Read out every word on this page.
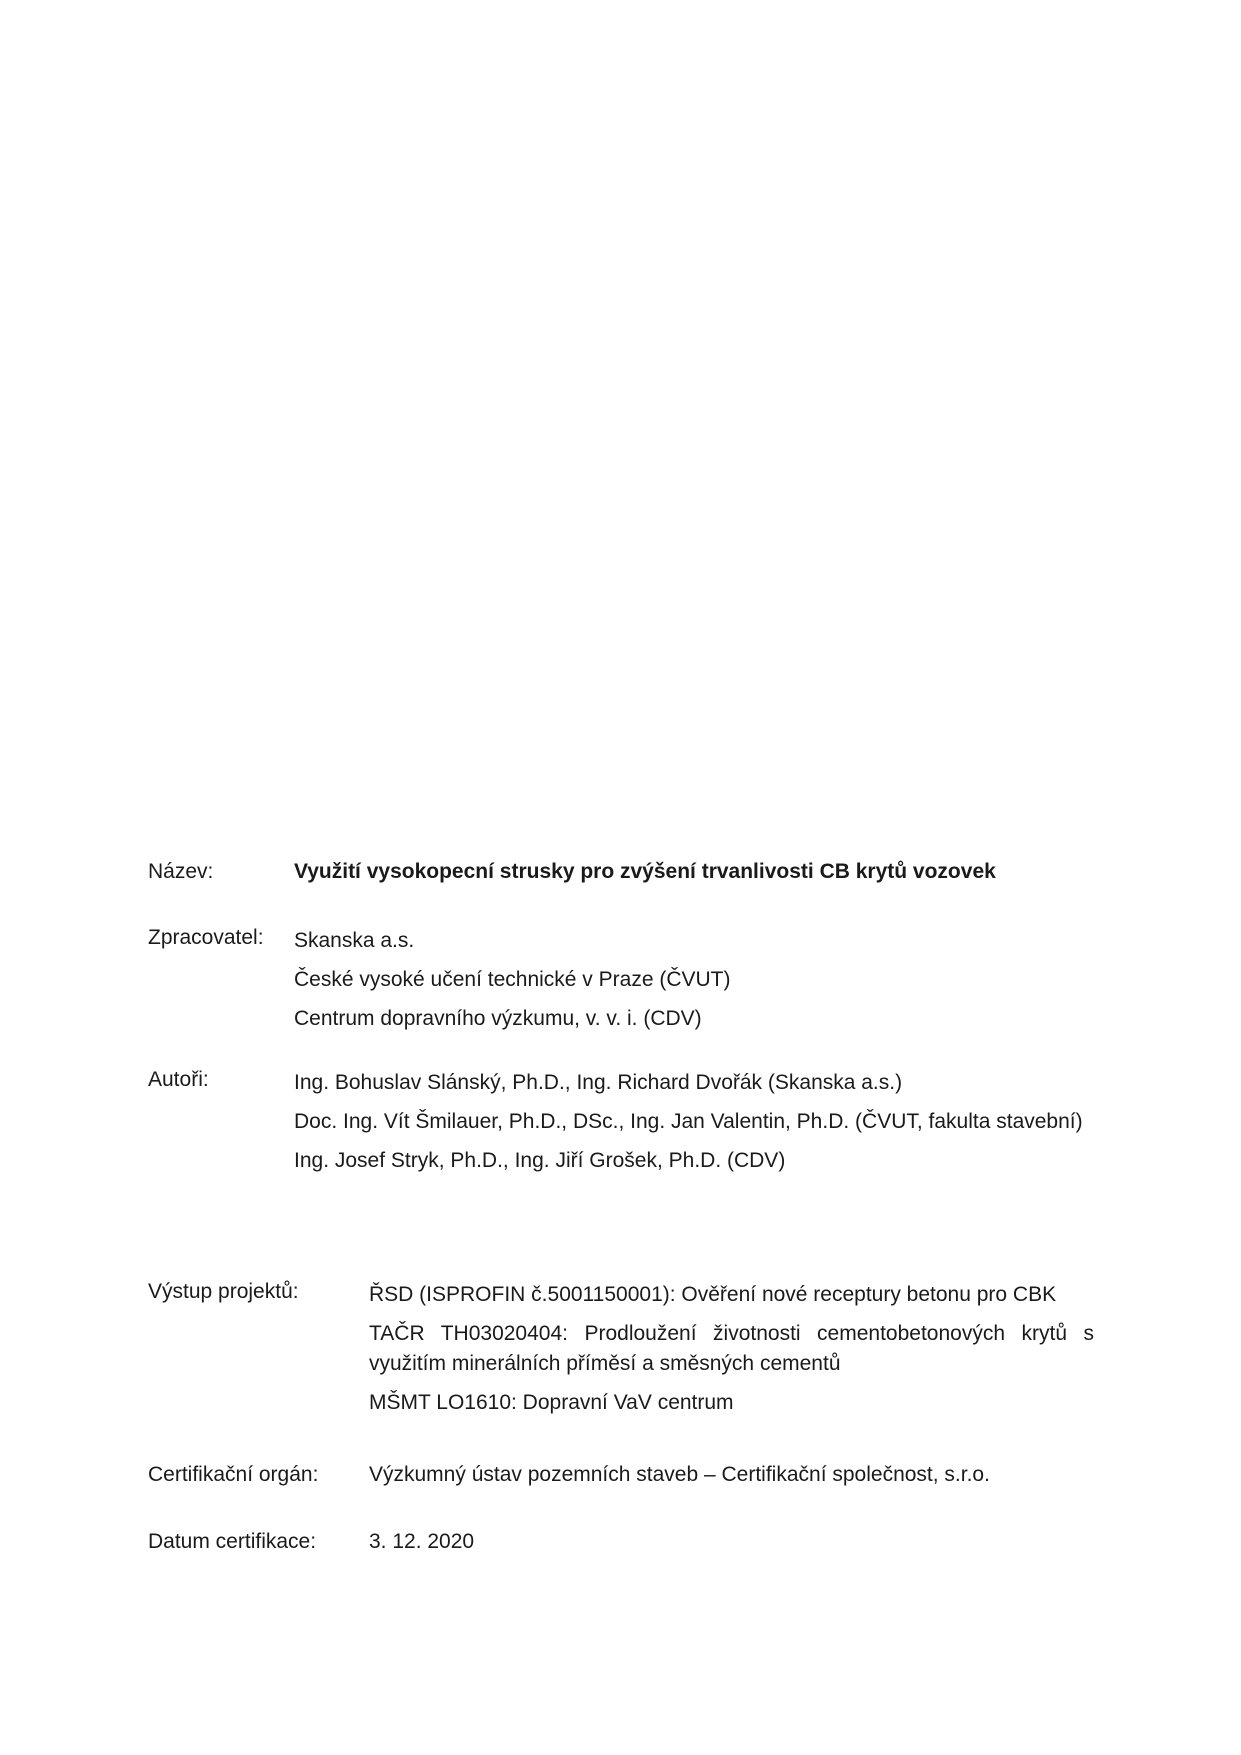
Název:	Využití vysokopecní strusky pro zvýšení trvanlivosti CB krytů vozovek
Zpracovatel: Skanska a.s.
České vysoké učení technické v Praze (ČVUT)
Centrum dopravního výzkumu, v. v. i. (CDV)
Autoři:	Ing. Bohuslav Slánský, Ph.D., Ing. Richard Dvořák (Skanska a.s.)
Doc. Ing. Vít Šmilauer, Ph.D., DSc., Ing. Jan Valentin, Ph.D. (ČVUT, fakulta stavební)
Ing. Josef Stryk, Ph.D., Ing. Jiří Grošek, Ph.D. (CDV)
Výstup projektů:	ŘSD (ISPROFIN č.5001150001): Ověření nové receptury betonu pro CBK
TAČR TH03020404: Prodloužení životnosti cementobetonových krytů s využitím minerálních příměsí a směsných cementů
MŠMT LO1610: Dopravní VaV centrum
Certifikační orgán: Výzkumný ústav pozemních staveb – Certifikační společnost, s.r.o.
Datum certifikace:	3. 12. 2020
